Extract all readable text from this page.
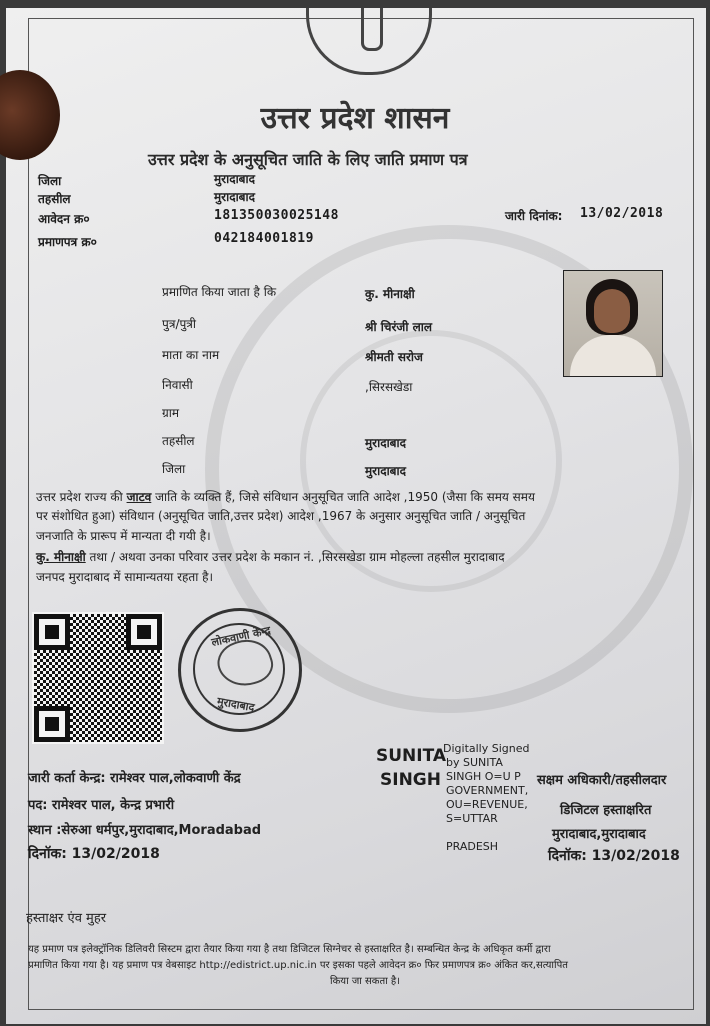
उत्तर प्रदेश शासन
उत्तर प्रदेश के अनुसूचित जाति के लिए जाति प्रमाण पत्र
जिला	मुरादाबाद
तहसील	मुरादाबाद
आवेदन क्र०	181350030025148
प्रमाणपत्र क्र०	042184001819
जारी दिनांक: 13/02/2018
प्रमाणित किया जाता है कि	कु. मीनाक्षी
पुत्र/पुत्री	श्री चिरंजी लाल
माता का नाम	श्रीमती सरोज
निवासी	,सिरसखेडा
ग्राम
तहसील	मुरादाबाद
जिला	मुरादाबाद
उत्तर प्रदेश राज्य की जाटव जाति के व्यक्ति हैं, जिसे संविधान अनुसूचित जाति आदेश ,1950 (जैसा कि समय समय
पर संशोधित हुआ) संविधान (अनुसूचित जाति,उत्तर प्रदेश) आदेश ,1967 के अनुसार अनुसूचित जाति / अनुसूचित
जनजाति के प्रारूप में मान्यता दी गयी है।
कु. मीनाक्षी तथा / अथवा उनका परिवार उत्तर प्रदेश के मकान नं. ,सिरसखेडा ग्राम मोहल्ला तहसील मुरादाबाद
जनपद मुरादाबाद में सामान्यतया रहता है।
लोकवाणी केन्द्र
मुरादाबाद
जारी कर्ता केन्द्र: रामेश्वर पाल,लोकवाणी केंद्र
पद: रामेश्वर पाल, केन्द्र प्रभारी
स्थान :सेरुआ धर्मपुर,मुरादाबाद,Moradabad
दिनॉक: 13/02/2018
SUNITA
SINGH
Digitally Signed
by SUNITA
SINGH O=U P
GOVERNMENT,
OU=REVENUE,
S=UTTAR
PRADESH
सक्षम अधिकारी/तहसीलदार
डिजिटल हस्ताक्षरित
मुरादाबाद,मुरादाबाद
दिनॉक: 13/02/2018
हस्ताक्षर एंव मुहर
यह प्रमाण पत्र इलेक्ट्रॉनिक डिलिवरी सिस्टम द्वारा तैयार किया गया है तथा डिजिटल सिग्नेचर से हस्ताक्षरित है। सम्बन्धित केन्द्र के अधिकृत कर्मी द्वारा
प्रमाणित किया गया है। यह प्रमाण पत्र वेबसाइट http://edistrict.up.nic.in पर इसका पहले आवेदन क्र० फिर प्रमाणपत्र क्र० अंकित कर,सत्यापित
किया जा सकता है।
